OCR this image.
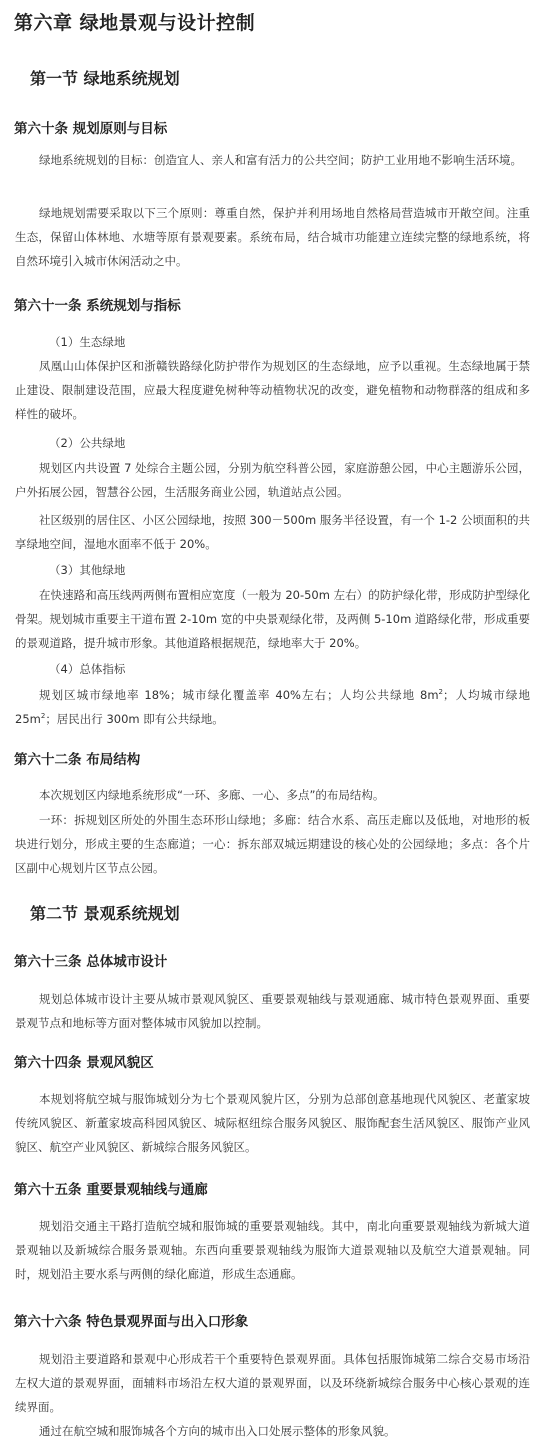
第六章 绿地景观与设计控制
第一节 绿地系统规划
第六十条 规划原则与目标

绿地系统规划的目标：创造宜人、亲人和富有活力的公共空间；防护工业用地不影响生活环境。

绿地规划需要采取以下三个原则：尊重自然，保护并利用场地自然格局营造城市开敞空间。注重生态，保留山体林地、水塘等原有景观要素。系统布局，结合城市功能建立连续完整的绿地系统，将自然环境引入城市休闲活动之中。

第六十一条 系统规划与指标

（1）生态绿地

凤凰山山体保护区和浙赣铁路绿化防护带作为规划区的生态绿地，应予以重视。生态绿地属于禁止建设、限制建设范围，应最大程度避免树种等动植物状况的改变，避免植物和动物群落的组成和多样性的破坏。

（2）公共绿地

规划区内共设置 7 处综合主题公园，分别为航空科普公园，家庭游憩公园，中心主题游乐公园，户外拓展公园，智慧谷公园，生活服务商业公园，轨道站点公园。

社区级别的居住区、小区公园绿地，按照 300－500m 服务半径设置，有一个 1-2 公顷面积的共享绿地空间，湿地水面率不低于 20%。

（3）其他绿地

在快速路和高压线两两侧布置相应宽度（一般为 20-50m 左右）的防护绿化带，形成防护型绿化骨架。规划城市重要主干道布置 2-10m 宽的中央景观绿化带，及两侧 5-10m 道路绿化带，形成重要的景观道路，提升城市形象。其他道路根据规范，绿地率大于 20%。

（4）总体指标

规划区城市绿地率 18%；城市绿化覆盖率 40%左右；人均公共绿地 $8m^2$；人均城市绿地 $25m^2$；居民出行 300m 即有公共绿地。

第六十二条 布局结构

本次规划区内绿地系统形成“一环、多廊、一心、多点”的布局结构。

一环：拆规划区所处的外围生态环形山绿地；多廊：结合水系、高压走廊以及低地，对地形的板块进行划分，形成主要的生态廊道；一心：拆东部双城远期建设的核心处的公园绿地；多点：各个片区副中心规划片区节点公园。

第二节 景观系统规划
第六十三条 总体城市设计

规划总体城市设计主要从城市景观风貌区、重要景观轴线与景观通廊、城市特色景观界面、重要景观节点和地标等方面对整体城市风貌加以控制。

第六十四条 景观风貌区

本规划将航空城与服饰城划分为七个景观风貌片区，分别为总部创意基地现代风貌区、老董家坡传统风貌区、新董家坡高科园风貌区、城际枢纽综合服务风貌区、服饰配套生活风貌区、服饰产业风貌区、航空产业风貌区、新城综合服务风貌区。

第六十五条 重要景观轴线与通廊

规划沿交通主干路打造航空城和服饰城的重要景观轴线。其中，南北向重要景观轴线为新城大道景观轴以及新城综合服务景观轴。东西向重要景观轴线为服饰大道景观轴以及航空大道景观轴。同时，规划沿主要水系与两侧的绿化廊道，形成生态通廊。

第六十六条 特色景观界面与出入口形象

规划沿主要道路和景观中心形成若干个重要特色景观界面。具体包括服饰城第二综合交易市场沿左权大道的景观界面，面辅料市场沿左权大道的景观界面，以及环绕新城综合服务中心核心景观的连续界面。

通过在航空城和服饰城各个方向的城市出入口处展示整体的形象风貌。
